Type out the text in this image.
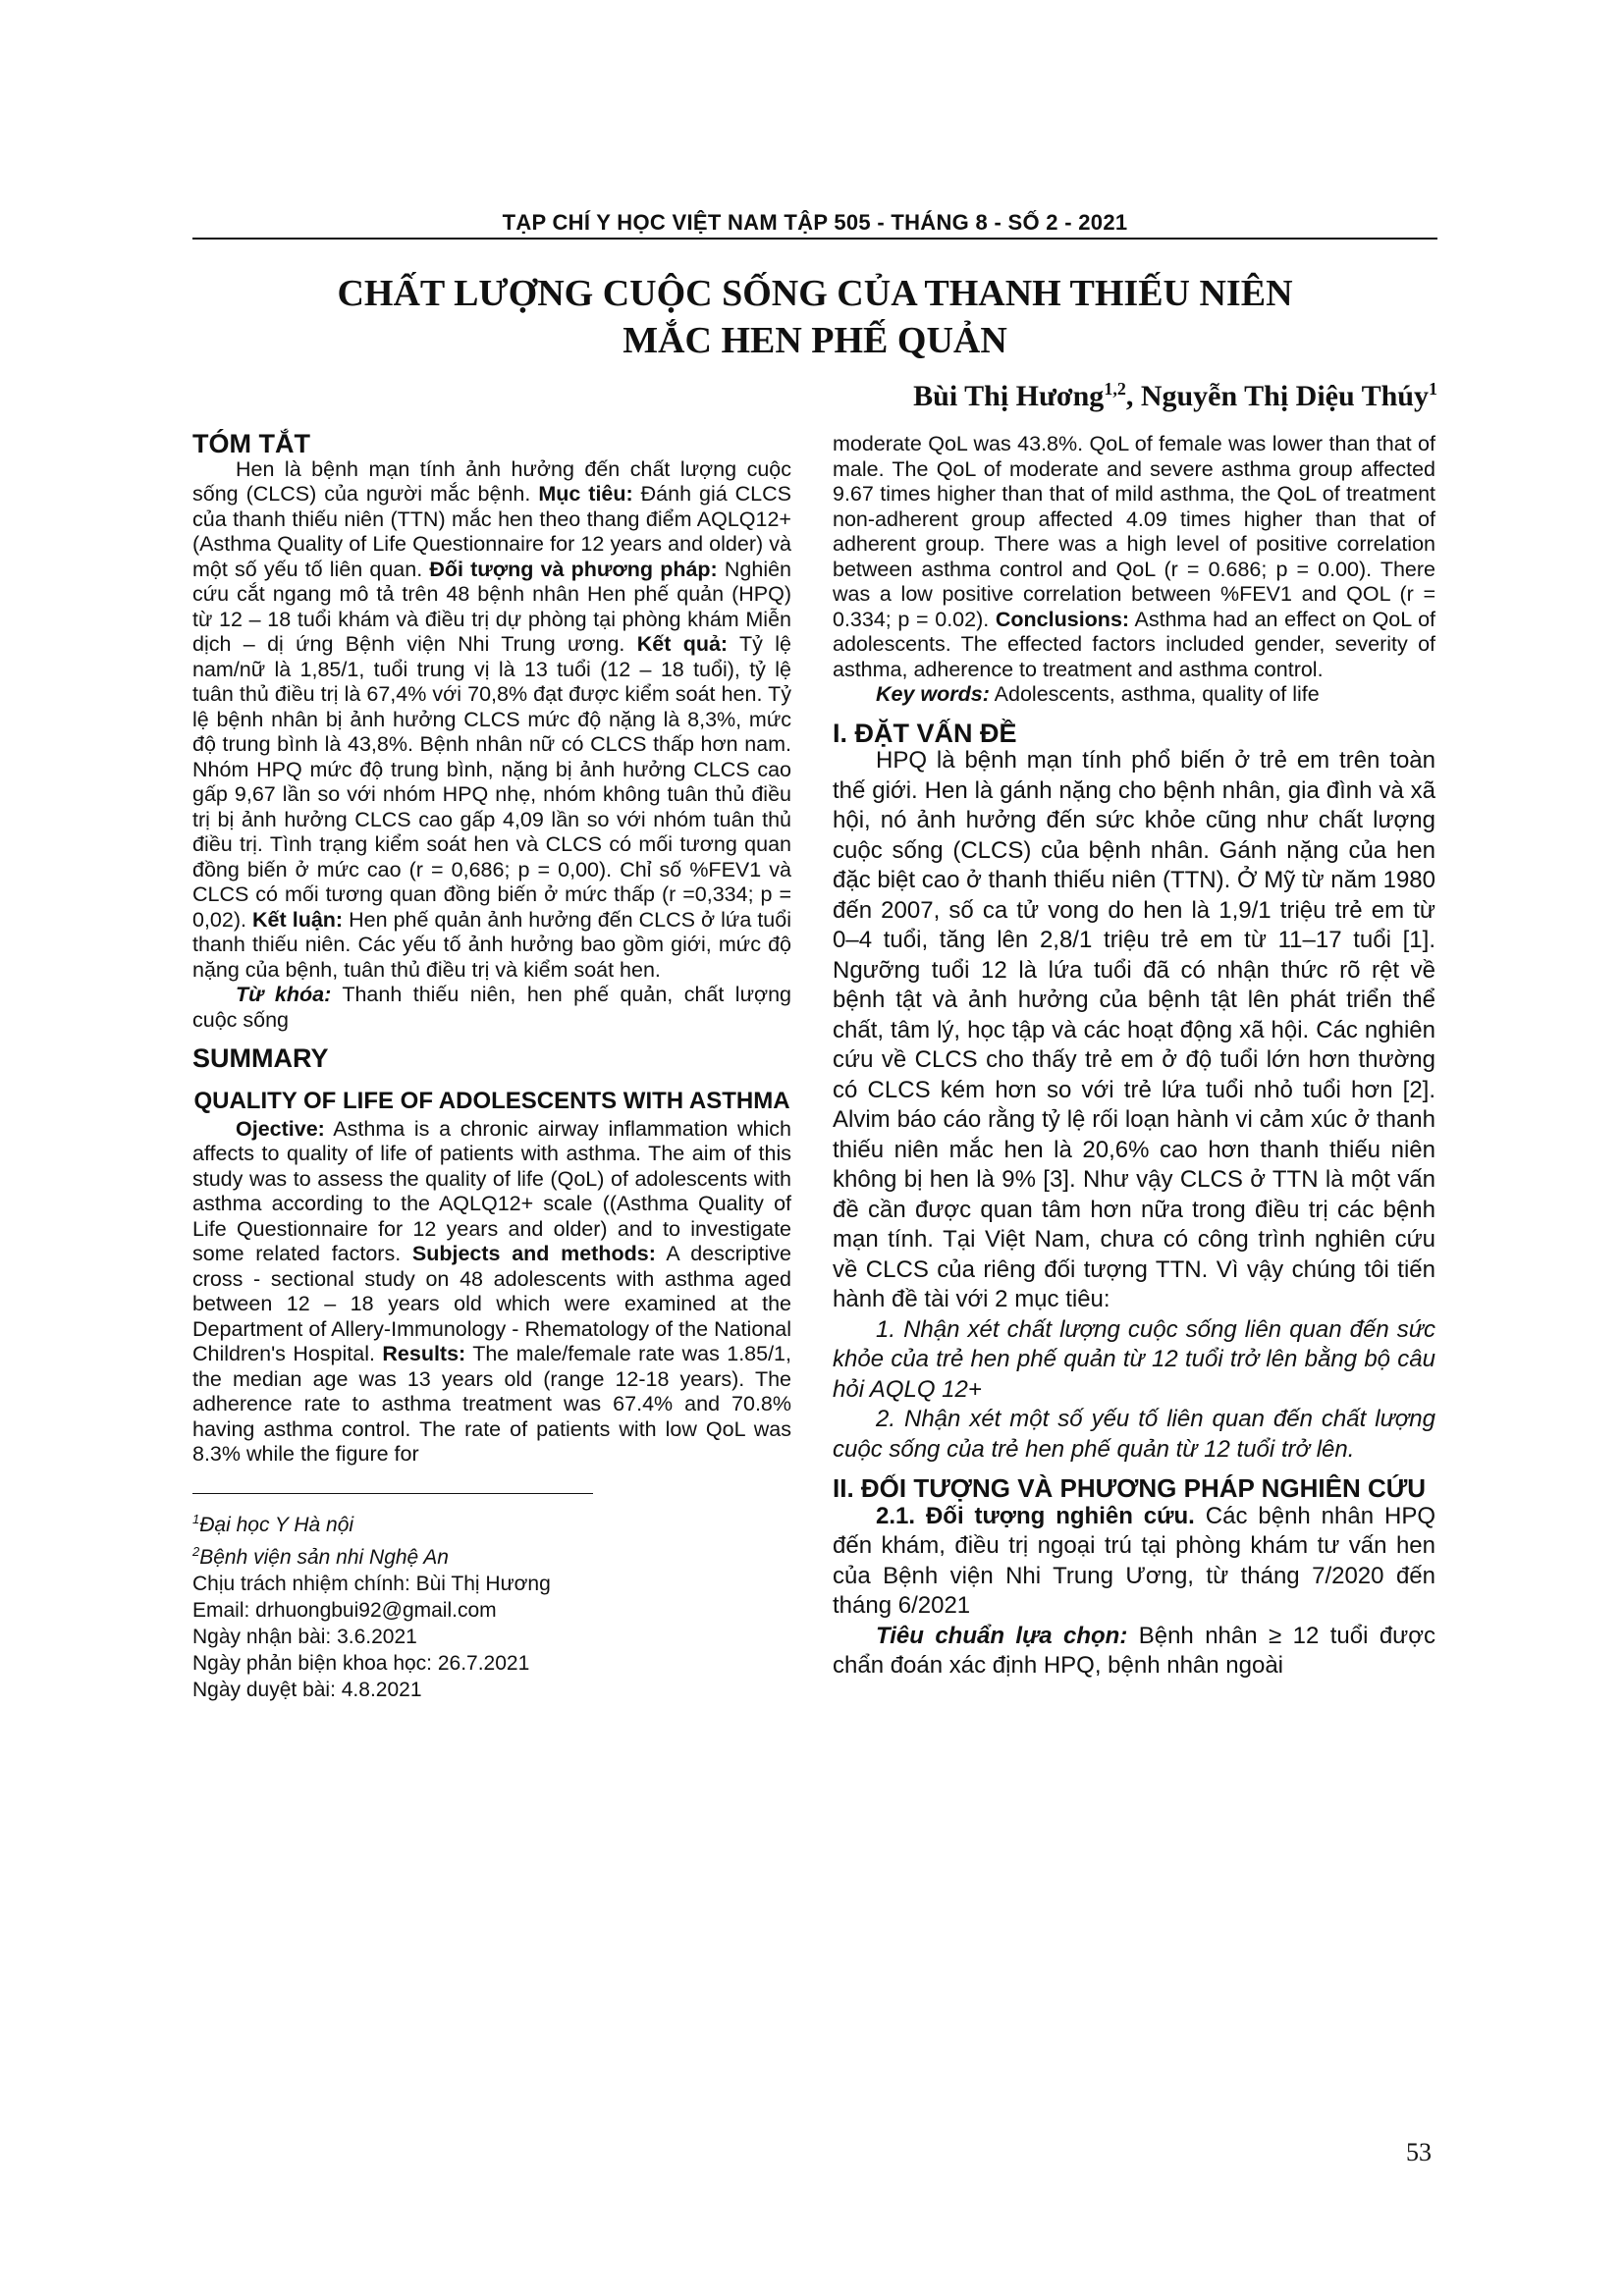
TẠP CHÍ Y HỌC VIỆT NAM TẬP 505 - THÁNG 8 - SỐ 2 - 2021
CHẤT LƯỢNG CUỘC SỐNG CỦA THANH THIẾU NIÊN
MẮC HEN PHẾ QUẢN
Bùi Thị Hương$^{1,2}$, Nguyễn Thị Diệu Thúy$^1$
TÓM TẮT

Hen là bệnh mạn tính ảnh hưởng đến chất lượng cuộc sống (CLCS) của người mắc bệnh. Mục tiêu: Đánh giá CLCS của thanh thiếu niên (TTN) mắc hen theo thang điểm AQLQ12+ (Asthma Quality of Life Questionnaire for 12 years and older) và một số yếu tố liên quan. Đối tượng và phương pháp: Nghiên cứu cắt ngang mô tả trên 48 bệnh nhân Hen phế quản (HPQ) từ 12 – 18 tuổi khám và điều trị dự phòng tại phòng khám Miễn dịch – dị ứng Bệnh viện Nhi Trung ương. Kết quả: Tỷ lệ nam/nữ là 1,85/1, tuổi trung vị là 13 tuổi (12 – 18 tuổi), tỷ lệ tuân thủ điều trị là 67,4% với 70,8% đạt được kiểm soát hen. Tỷ lệ bệnh nhân bị ảnh hưởng CLCS mức độ nặng là 8,3%, mức độ trung bình là 43,8%. Bệnh nhân nữ có CLCS thấp hơn nam. Nhóm HPQ mức độ trung bình, nặng bị ảnh hưởng CLCS cao gấp 9,67 lần so với nhóm HPQ nhẹ, nhóm không tuân thủ điều trị bị ảnh hưởng CLCS cao gấp 4,09 lần so với nhóm tuân thủ điều trị. Tình trạng kiểm soát hen và CLCS có mối tương quan đồng biến ở mức cao (r = 0,686; p = 0,00). Chỉ số %FEV1 và CLCS có mối tương quan đồng biến ở mức thấp (r =0,334; p = 0,02). Kết luận: Hen phế quản ảnh hưởng đến CLCS ở lứa tuổi thanh thiếu niên. Các yếu tố ảnh hưởng bao gồm giới, mức độ nặng của bệnh, tuân thủ điều trị và kiểm soát hen.

Từ khóa: Thanh thiếu niên, hen phế quản, chất lượng cuộc sống

SUMMARY
QUALITY OF LIFE OF ADOLESCENTS WITH ASTHMA

Ojective: Asthma is a chronic airway inflammation which affects to quality of life of patients with asthma. The aim of this study was to assess the quality of life (QoL) of adolescents with asthma according to the AQLQ12+ scale ((Asthma Quality of Life Questionnaire for 12 years and older) and to investigate some related factors. Subjects and methods: A descriptive cross - sectional study on 48 adolescents with asthma aged between 12 – 18 years old which were examined at the Department of Allery-Immunology - Rhematology of the National Children's Hospital. Results: The male/female rate was 1.85/1, the median age was 13 years old (range 12-18 years). The adherence rate to asthma treatment was 67.4% and 70.8% having asthma control. The rate of patients with low QoL was 8.3% while the figure for

$^1$Đại học Y Hà nội
$^2$Bệnh viện sản nhi Nghệ An
Chịu trách nhiệm chính: Bùi Thị Hương
Email: drhuongbui92@gmail.com
Ngày nhận bài: 3.6.2021
Ngày phản biện khoa học: 26.7.2021
Ngày duyệt bài: 4.8.2021

moderate QoL was 43.8%. QoL of female was lower than that of male. The QoL of moderate and severe asthma group affected 9.67 times higher than that of mild asthma, the QoL of treatment non-adherent group affected 4.09 times higher than that of adherent group. There was a high level of positive correlation between asthma control and QoL (r = 0.686; p = 0.00). There was a low positive correlation between %FEV1 and QOL (r = 0.334; p = 0.02). Conclusions: Asthma had an effect on QoL of adolescents. The effected factors included gender, severity of asthma, adherence to treatment and asthma control.

Key words: Adolescents, asthma, quality of life

I. ĐẶT VẤN ĐỀ

HPQ là bệnh mạn tính phổ biến ở trẻ em trên toàn thế giới. Hen là gánh nặng cho bệnh nhân, gia đình và xã hội, nó ảnh hưởng đến sức khỏe cũng như chất lượng cuộc sống (CLCS) của bệnh nhân. Gánh nặng của hen đặc biệt cao ở thanh thiếu niên (TTN). Ở Mỹ từ năm 1980 đến 2007, số ca tử vong do hen là 1,9/1 triệu trẻ em từ 0–4 tuổi, tăng lên 2,8/1 triệu trẻ em từ 11–17 tuổi [1]. Ngưỡng tuổi 12 là lứa tuổi đã có nhận thức rõ rệt về bệnh tật và ảnh hưởng của bệnh tật lên phát triển thể chất, tâm lý, học tập và các hoạt động xã hội. Các nghiên cứu về CLCS cho thấy trẻ em ở độ tuổi lớn hơn thường có CLCS kém hơn so với trẻ lứa tuổi nhỏ tuổi hơn [2]. Alvim báo cáo rằng tỷ lệ rối loạn hành vi cảm xúc ở thanh thiếu niên mắc hen là 20,6% cao hơn thanh thiếu niên không bị hen là 9% [3]. Như vậy CLCS ở TTN là một vấn đề cần được quan tâm hơn nữa trong điều trị các bệnh mạn tính. Tại Việt Nam, chưa có công trình nghiên cứu về CLCS của riêng đối tượng TTN. Vì vậy chúng tôi tiến hành đề tài với 2 mục tiêu:

1. Nhận xét chất lượng cuộc sống liên quan đến sức khỏe của trẻ hen phế quản từ 12 tuổi trở lên bằng bộ câu hỏi AQLQ 12+

2. Nhận xét một số yếu tố liên quan đến chất lượng cuộc sống của trẻ hen phế quản từ 12 tuổi trở lên.

II. ĐỐI TƯỢNG VÀ PHƯƠNG PHÁP NGHIÊN CỨU

2.1. Đối tượng nghiên cứu. Các bệnh nhân HPQ đến khám, điều trị ngoại trú tại phòng khám tư vấn hen của Bệnh viện Nhi Trung Ương, từ tháng 7/2020 đến tháng 6/2021

Tiêu chuẩn lựa chọn: Bệnh nhân ≥ 12 tuổi được chẩn đoán xác định HPQ, bệnh nhân ngoài

53
